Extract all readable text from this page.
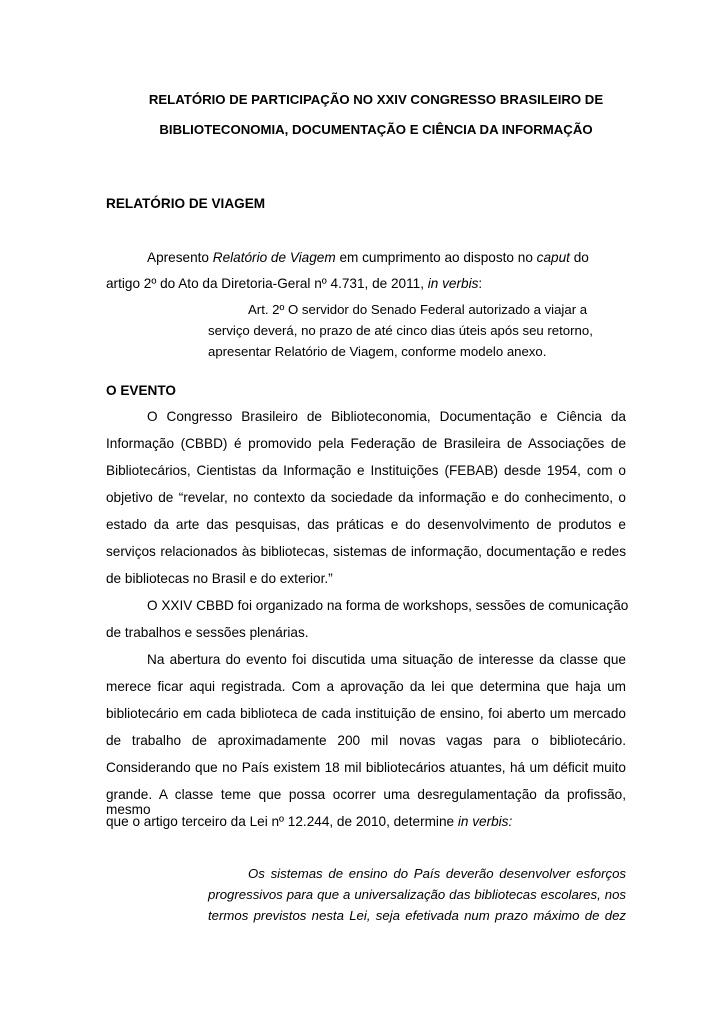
RELATÓRIO DE PARTICIPAÇÃO NO XXIV CONGRESSO BRASILEIRO DE
BIBLIOTECONOMIA, DOCUMENTAÇÃO E CIÊNCIA DA INFORMAÇÃO
RELATÓRIO DE VIAGEM
Apresento Relatório de Viagem em cumprimento ao disposto no caput do
artigo 2º do Ato da Diretoria-Geral nº 4.731, de 2011, in verbis:
Art. 2º O servidor do Senado Federal autorizado a viajar a
serviço deverá, no prazo de até cinco dias úteis após seu retorno,
apresentar Relatório de Viagem, conforme modelo anexo.
O EVENTO
O Congresso Brasileiro de Biblioteconomia, Documentação e Ciência da
Informação (CBBD) é promovido pela Federação de Brasileira de Associações de
Bibliotecários, Cientistas da Informação e Instituições (FEBAB) desde 1954, com o
objetivo de “revelar, no contexto da sociedade da informação e do conhecimento, o
estado da arte das pesquisas, das práticas e do desenvolvimento de produtos e
serviços relacionados às bibliotecas, sistemas de informação, documentação e redes
de bibliotecas no Brasil e do exterior.”
O XXIV CBBD foi organizado na forma de workshops, sessões de comunicação
de trabalhos e sessões plenárias.
Na abertura do evento foi discutida uma situação de interesse da classe que
merece ficar aqui registrada. Com a aprovação da lei que determina que haja um
bibliotecário em cada biblioteca de cada instituição de ensino, foi aberto um mercado
de trabalho de aproximadamente 200 mil novas vagas para o bibliotecário.
Considerando que no País existem 18 mil bibliotecários atuantes, há um déficit muito
grande. A classe teme que possa ocorrer uma desregulamentação da profissão, mesmo
que o artigo terceiro da Lei nº 12.244, de 2010, determine in verbis:
Os sistemas de ensino do País deverão desenvolver esforços
progressivos para que a universalização das bibliotecas escolares, nos
termos previstos nesta Lei, seja efetivada num prazo máximo de dez
